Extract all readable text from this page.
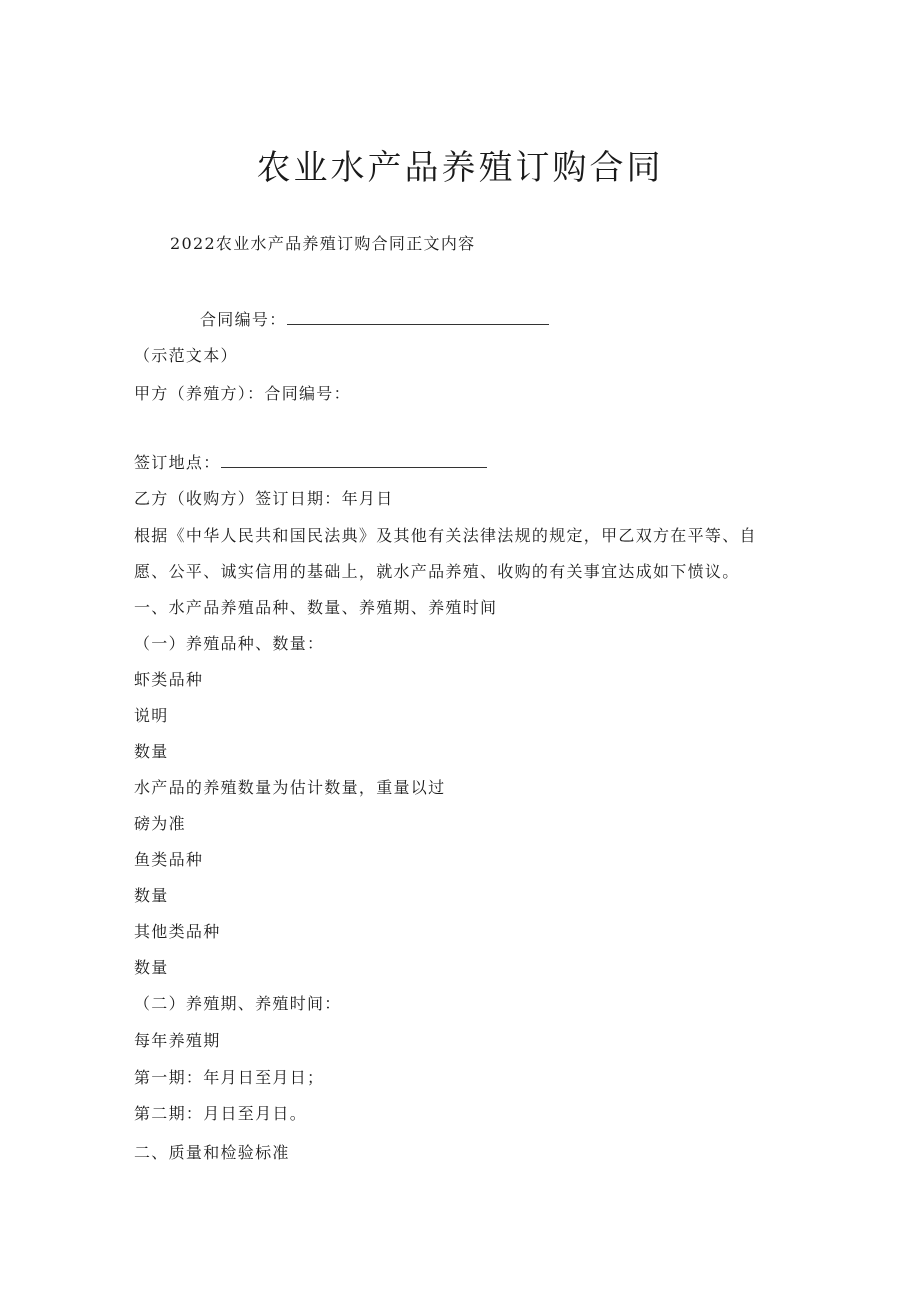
农业水产品养殖订购合同
2022农业水产品养殖订购合同正文内容
合同编号：
（示范文本）
甲方（养殖方）：合同编号：
签订地点：
乙方（收购方）签订日期：年月日

根据《中华人民共和国民法典》及其他有关法律法规的规定，甲乙双方在平等、自愿、公平、诚实信用的基础上，就水产品养殖、收购的有关事宜达成如下愤议。

一、水产品养殖品种、数量、养殖期、养殖时间
（一）养殖品种、数量：
虾类品种
说明
数量
水产品的养殖数量为估计数量，重量以过
磅为准
鱼类品种
数量
其他类品种
数量
（二）养殖期、养殖时间：
每年养殖期
第一期：年月日至月日；
第二期：月日至月日。
二、质量和检验标准
